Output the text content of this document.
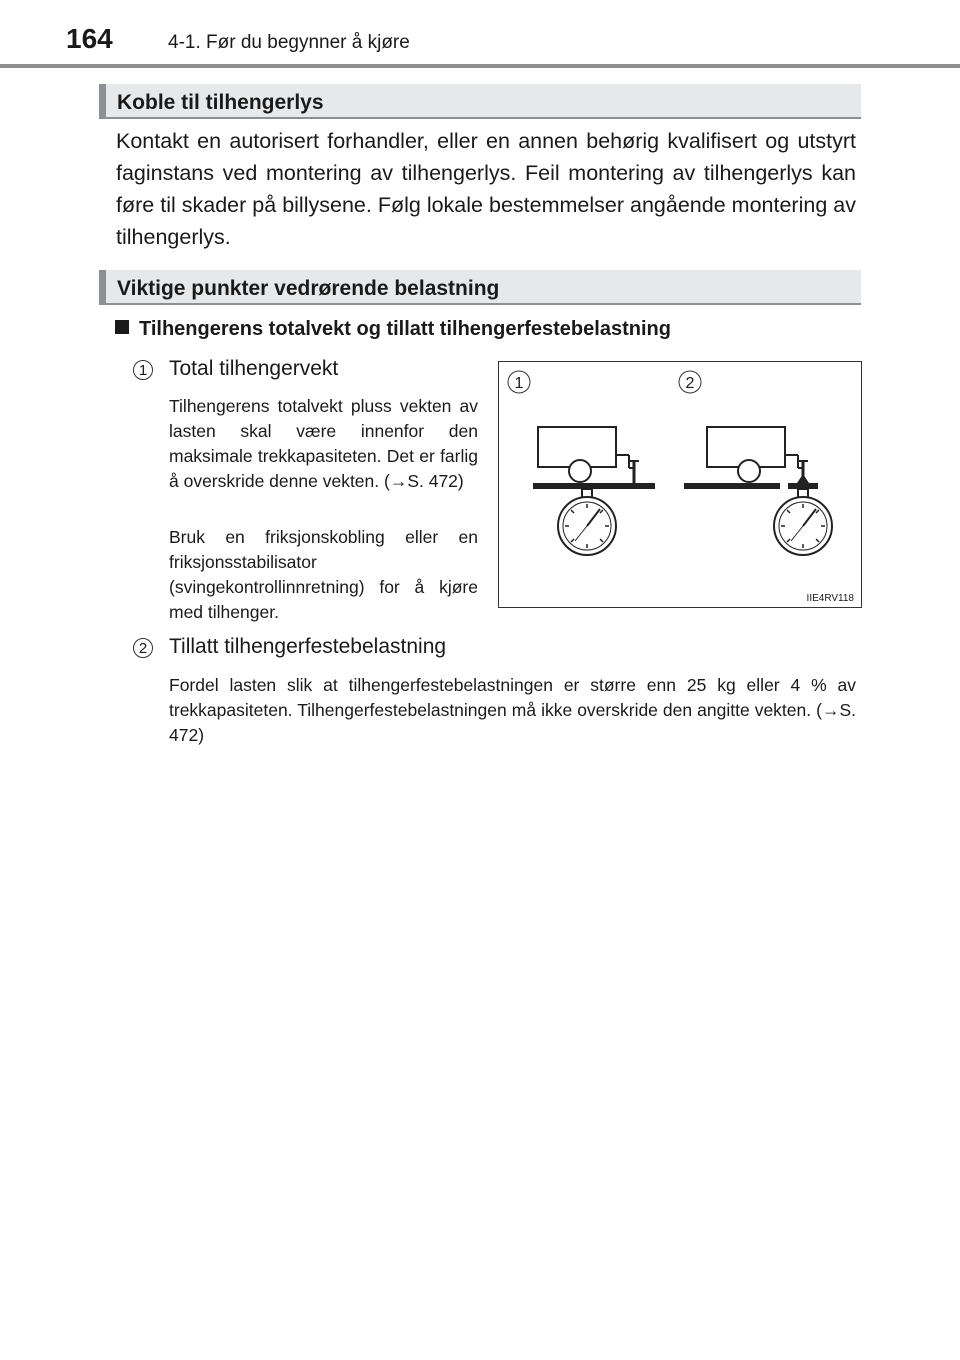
164	4-1. Før du begynner å kjøre
Koble til tilhengerlys
Kontakt en autorisert forhandler, eller en annen behørig kvalifisert og utstyrt faginstans ved montering av tilhengerlys. Feil montering av tilhengerlys kan føre til skader på billysene. Følg lokale bestemmelser angående montering av tilhengerlys.
Viktige punkter vedrørende belastning
Tilhengerens totalvekt og tillatt tilhengerfestebelastning
1 Total tilhengervekt
Tilhengerens totalvekt pluss vekten av lasten skal være innenfor den maksimale trekkapasiteten. Det er farlig å overskride denne vekten. (→S. 472)
Bruk en friksjonskobling eller en friksjonsstabilisator (svingekontrollinnretning) for å kjøre med tilhenger.
2 Tillatt tilhengerfestebelastning
Fordel lasten slik at tilhengerfestebelastningen er større enn 25 kg eller 4 % av trekkapasiteten. Tilhengerfestebelastningen må ikke overskride den angitte vekten. (→S. 472)
1	2
IIE4RV118
